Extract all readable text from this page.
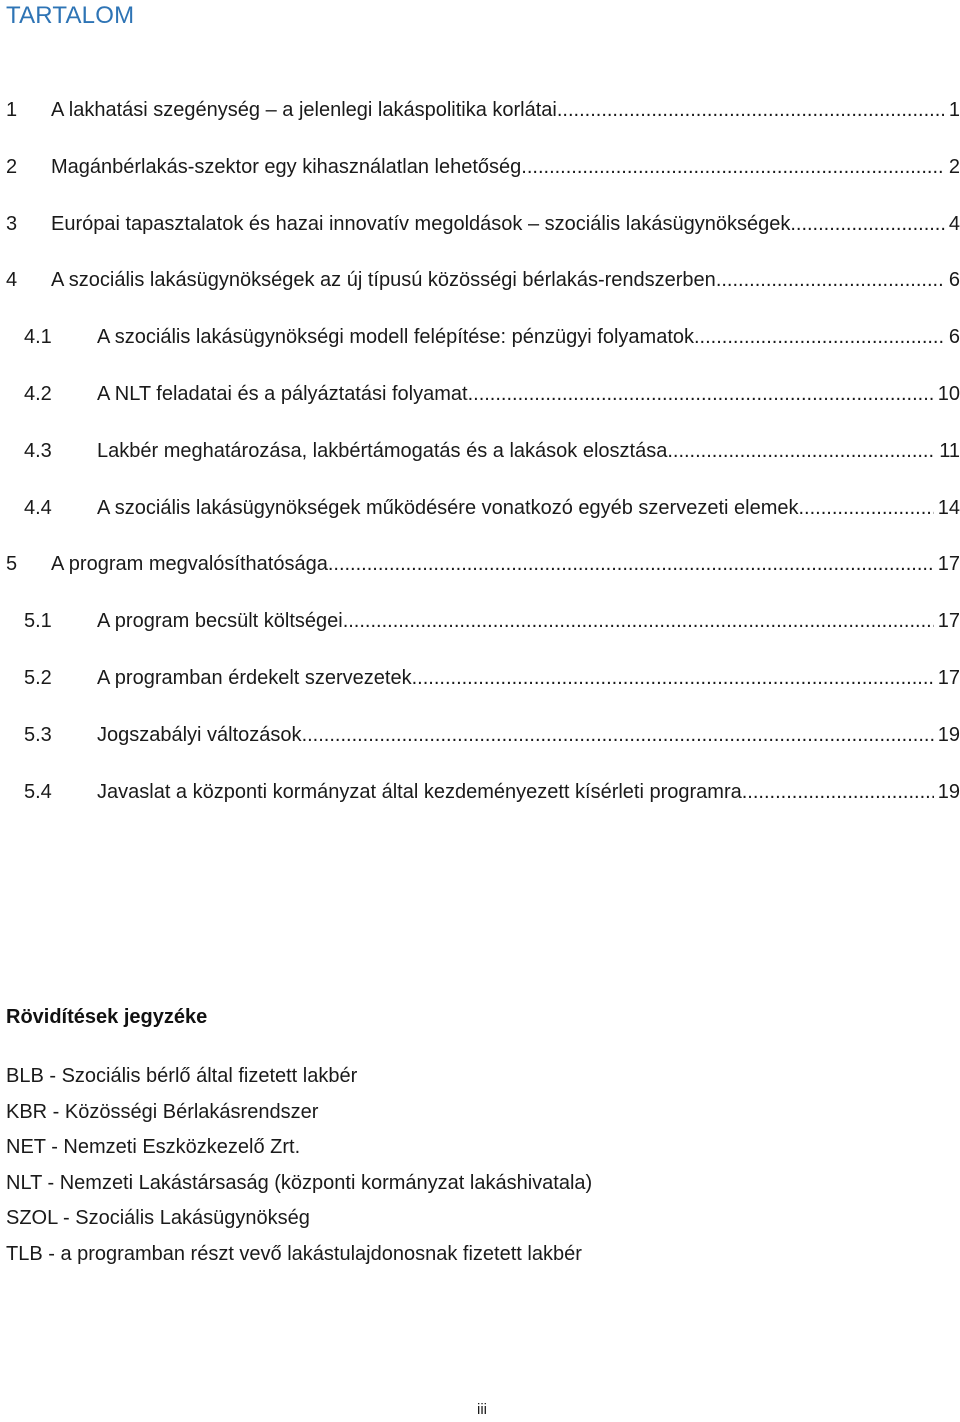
TARTALOM
1 A lakhatási szegénység – a jelenlegi lakáspolitika korlátai .....	1
2 Magánbérlakás-szektor egy kihasználatlan lehetőség .....	2
3 Európai tapasztalatok és hazai innovatív megoldások – szociális lakásügynökségek .....	4
4 A szociális lakásügynökségek az új típusú közösségi bérlakás-rendszerben .....	6
4.1 A szociális lakásügynökségi modell felépítése: pénzügyi folyamatok .....	6
4.2 A NLT feladatai és a pályáztatási folyamat .....	10
4.3 Lakbér meghatározása, lakbértámogatás és a lakások elosztása .....	11
4.4 A szociális lakásügynökségek működésére vonatkozó egyéb szervezeti elemek .....	14
5 A program megvalósíthatósága .....	17
5.1 A program becsült költségei .....	17
5.2 A programban érdekelt szervezetek .....	17
5.3 Jogszabályi változások .....	19
5.4 Javaslat a központi kormányzat által kezdeményezett kísérleti programra .....	19
Rövidítések jegyzéke
BLB - Szociális bérlő által fizetett lakbér
KBR - Közösségi Bérlakásrendszer
NET - Nemzeti Eszközkezelő Zrt.
NLT - Nemzeti Lakástársaság (központi kormányzat lakáshivatala)
SZOL - Szociális Lakásügynökség
TLB - a programban részt vevő lakástulajdonosnak fizetett lakbér
iii
